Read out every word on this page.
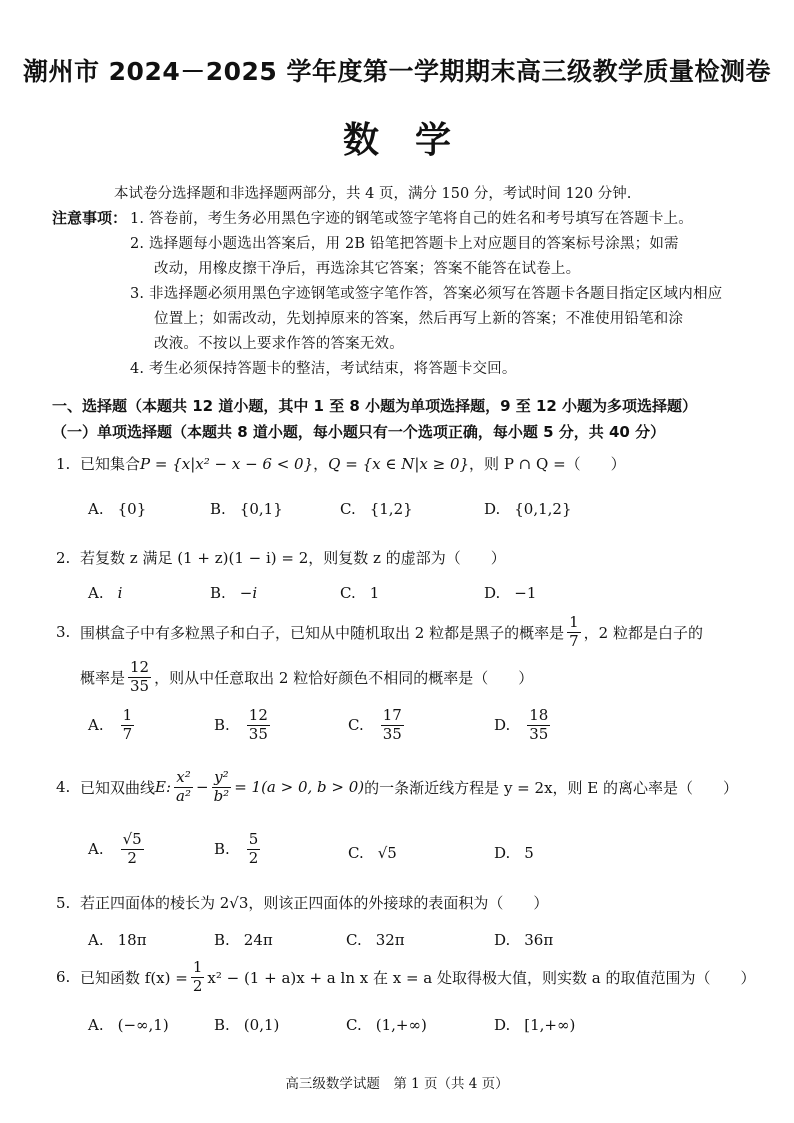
潮州市 2024－2025 学年度第一学期期末高三级教学质量检测卷
数学
本试卷分选择题和非选择题两部分，共 4 页，满分 150 分，考试时间 120 分钟.
注意事项： 1. 答卷前，考生务必用黑色字迹的钢笔或签字笔将自己的姓名和考号填写在答题卡上。
2. 选择题每小题选出答案后，用 2B 铅笔把答题卡上对应题目的答案标号涂黑；如需
改动，用橡皮擦干净后，再选涂其它答案；答案不能答在试卷上。
3. 非选择题必须用黑色字迹钢笔或签字笔作答，答案必须写在答题卡各题目指定区域内相应
位置上；如需改动，先划掉原来的答案，然后再写上新的答案；不准使用铅笔和涂
改液。不按以上要求作答的答案无效。
4. 考生必须保持答题卡的整洁，考试结束，将答题卡交回。
一、选择题（本题共 12 道小题，其中 1 至 8 小题为单项选择题，9 至 12 小题为多项选择题）
（一）单项选择题（本题共 8 道小题，每小题只有一个选项正确，每小题 5 分，共 40 分）
1. 已知集合 P = {x|x² − x − 6 < 0} ， Q = {x ∈ N|x ≥ 0} ，则 P ∩ Q =（　　）
A. {0}	B. {0,1}	C. {1,2}	D. {0,1,2}
2. 若复数 z 满足 (1 + z)(1 − i) = 2，则复数 z 的虚部为（　　）
A. i	B. −i	C. 1	D. −1
3. 围棋盒子中有多粒黑子和白子，已知从中随机取出 2 粒都是黑子的概率是 $\frac{1}{7}$ ，2 粒都是白子的
概率是 $\frac{12}{35}$ ，则从中任意取出 2 粒恰好颜色不相同的概率是（　　）
A. $\frac{1}{7}$	B. $\frac{12}{35}$	C. $\frac{17}{35}$	D. $\frac{18}{35}$
4. 已知双曲线 E: $\frac{\text{x²}}{\text{a²}} - \frac{\text{y²}}{\text{b²}} = 1(a > 0$, b > 0) 的一条渐近线方程是 y = 2x，则 E 的离心率是（　　）
A. $\frac{√5}{2}$	B. $\frac{5}{2}$	C. √5	D. 5
5. 若正四面体的棱长为 2√3，则该正四面体的外接球的表面积为（　　）
A. 18π	B. 24π	C. 32π	D. 36π
6. 已知函数 $f(x) = \frac{1}{2} x^2 - (1 + a)x + a$ ln x 在 x = a 处取得极大值，则实数 a 的取值范围为（　　）
A. (−∞,1)	B. (0,1)	C. (1,+∞)	D. [1,+∞)
高三级数学试题　第 1 页（共 4 页）
